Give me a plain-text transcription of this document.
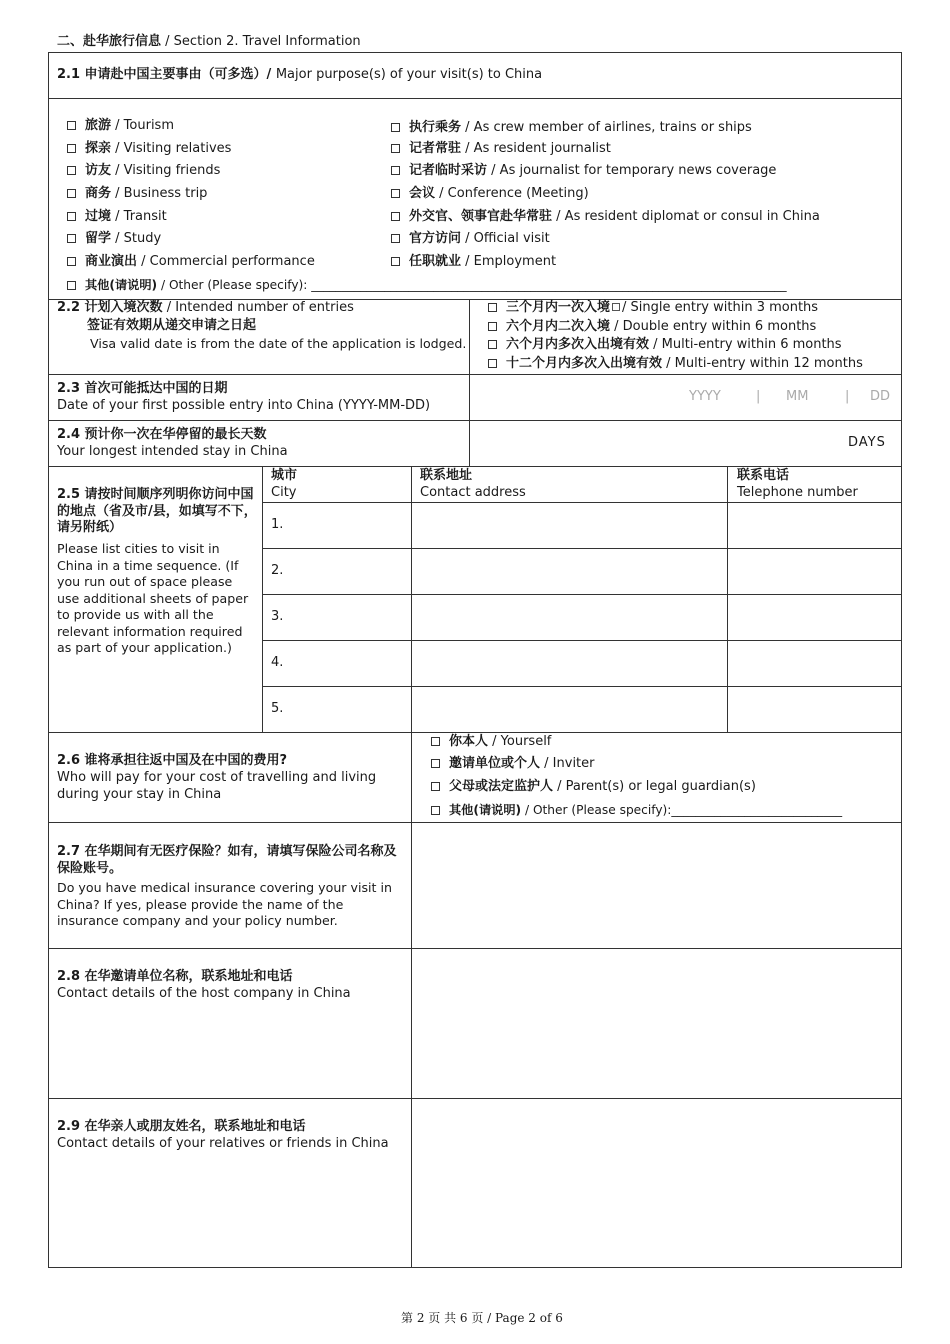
二、赴华旅行信息 / Section 2. Travel Information
2.1 申请赴中国主要事由（可多选）/ Major purpose(s) of your visit(s) to China
旅游 / Tourism
探亲 / Visiting relatives
访友 / Visiting friends
商务 / Business trip
过境 / Transit
留学 / Study
商业演出 / Commercial performance
其他(请说明) / Other (Please specify): ______________________________________________________________________________
执行乘务 / As crew member of airlines, trains or ships
记者常驻 / As resident journalist
记者临时采访 / As journalist for temporary news coverage
会议 / Conference (Meeting)
外交官、领事官赴华常驻 / As resident diplomat or consul in China
官方访问 / Official visit
任职就业 / Employment
2.2 计划入境次数 / Intended number of entries
签证有效期从递交申请之日起
Visa valid date is from the date of the application is lodged.
三个月内一次入境 / Single entry within 3 months
六个月内二次入境 / Double entry within 6 months
六个月内多次入出境有效 / Multi-entry within 6 months
十二个月内多次入出境有效 / Multi-entry within 12 months
2.3 首次可能抵达中国的日期
Date of your first possible entry into China (YYYY-MM-DD)
YYYY	| MM	| DD
2.4 预计你一次在华停留的最长天数
Your longest intended stay in China
DAYS
2.5 请按时间顺序列明你访问中国的地点（省及市/县，如填写不下，请另附纸）
Please list cities to visit in China in a time sequence. (If you run out of space please use additional sheets of paper to provide us with all the relevant information required as part of your application.)
城市
City
联系地址
Contact address
联系电话
Telephone number
1.
2.
3.
4.
5.
2.6 谁将承担往返中国及在中国的费用?
Who will pay for your cost of travelling and living during your stay in China
你本人 / Yourself
邀请单位或个人 / Inviter
父母或法定监护人 / Parent(s) or legal guardian(s)
其他(请说明) / Other (Please specify):____________________________
2.7 在华期间有无医疗保险？如有，请填写保险公司名称及保险账号。
Do you have medical insurance covering your visit in China? If yes, please provide the name of the insurance company and your policy number.
2.8 在华邀请单位名称，联系地址和电话
Contact details of the host company in China
2.9 在华亲人或朋友姓名，联系地址和电话
Contact details of your relatives or friends in China
第 2 页 共 6 页 / Page 2 of 6
